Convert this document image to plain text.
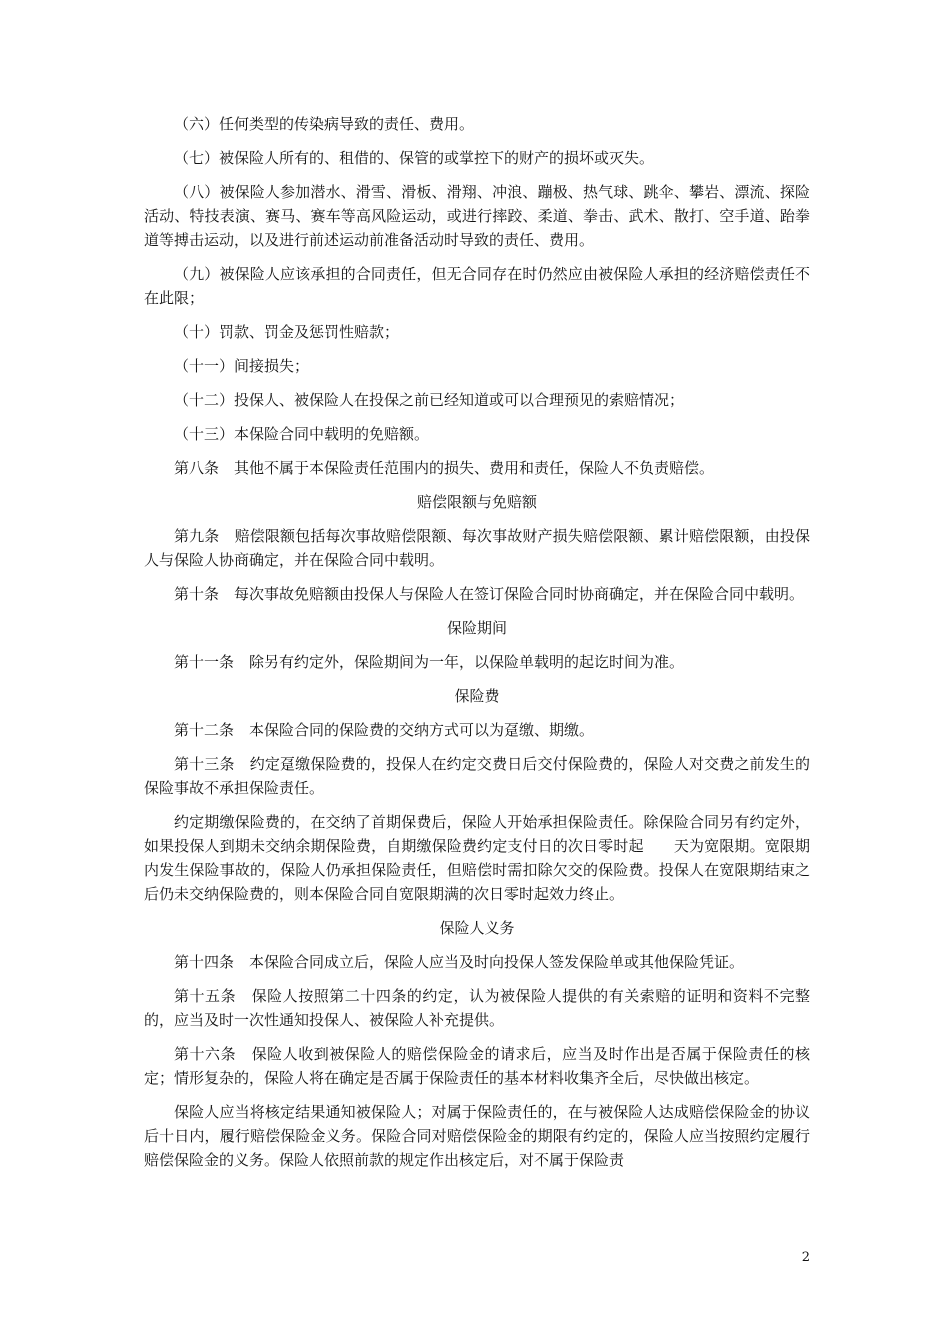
（六）任何类型的传染病导致的责任、费用。

（七）被保险人所有的、租借的、保管的或掌控下的财产的损坏或灭失。

（八）被保险人参加潜水、滑雪、滑板、滑翔、冲浪、蹦极、热气球、跳伞、攀岩、漂流、探险活动、特技表演、赛马、赛车等高风险运动，或进行摔跤、柔道、拳击、武术、散打、空手道、跆拳道等搏击运动，以及进行前述运动前准备活动时导致的责任、费用。

（九）被保险人应该承担的合同责任，但无合同存在时仍然应由被保险人承担的经济赔偿责任不在此限；

（十）罚款、罚金及惩罚性赔款；

（十一）间接损失；

（十二）投保人、被保险人在投保之前已经知道或可以合理预见的索赔情况；

（十三）本保险合同中载明的免赔额。

第八条　其他不属于本保险责任范围内的损失、费用和责任，保险人不负责赔偿。

赔偿限额与免赔额

第九条　赔偿限额包括每次事故赔偿限额、每次事故财产损失赔偿限额、累计赔偿限额，由投保人与保险人协商确定，并在保险合同中载明。

第十条　每次事故免赔额由投保人与保险人在签订保险合同时协商确定，并在保险合同中载明。

保险期间

第十一条　除另有约定外，保险期间为一年，以保险单载明的起讫时间为准。

保险费

第十二条　本保险合同的保险费的交纳方式可以为趸缴、期缴。

第十三条　约定趸缴保险费的，投保人在约定交费日后交付保险费的，保险人对交费之前发生的保险事故不承担保险责任。

约定期缴保险费的，在交纳了首期保费后，保险人开始承担保险责任。除保险合同另有约定外，如果投保人到期未交纳余期保险费，自期缴保险费约定支付日的次日零时起　　天为宽限期。宽限期内发生保险事故的，保险人仍承担保险责任，但赔偿时需扣除欠交的保险费。投保人在宽限期结束之后仍未交纳保险费的，则本保险合同自宽限期满的次日零时起效力终止。

保险人义务

第十四条　本保险合同成立后，保险人应当及时向投保人签发保险单或其他保险凭证。

第十五条　保险人按照第二十四条的约定，认为被保险人提供的有关索赔的证明和资料不完整的，应当及时一次性通知投保人、被保险人补充提供。

第十六条　保险人收到被保险人的赔偿保险金的请求后，应当及时作出是否属于保险责任的核定；情形复杂的，保险人将在确定是否属于保险责任的基本材料收集齐全后，尽快做出核定。

保险人应当将核定结果通知被保险人；对属于保险责任的，在与被保险人达成赔偿保险金的协议后十日内，履行赔偿保险金义务。保险合同对赔偿保险金的期限有约定的，保险人应当按照约定履行赔偿保险金的义务。保险人依照前款的规定作出核定后，对不属于保险责

2
